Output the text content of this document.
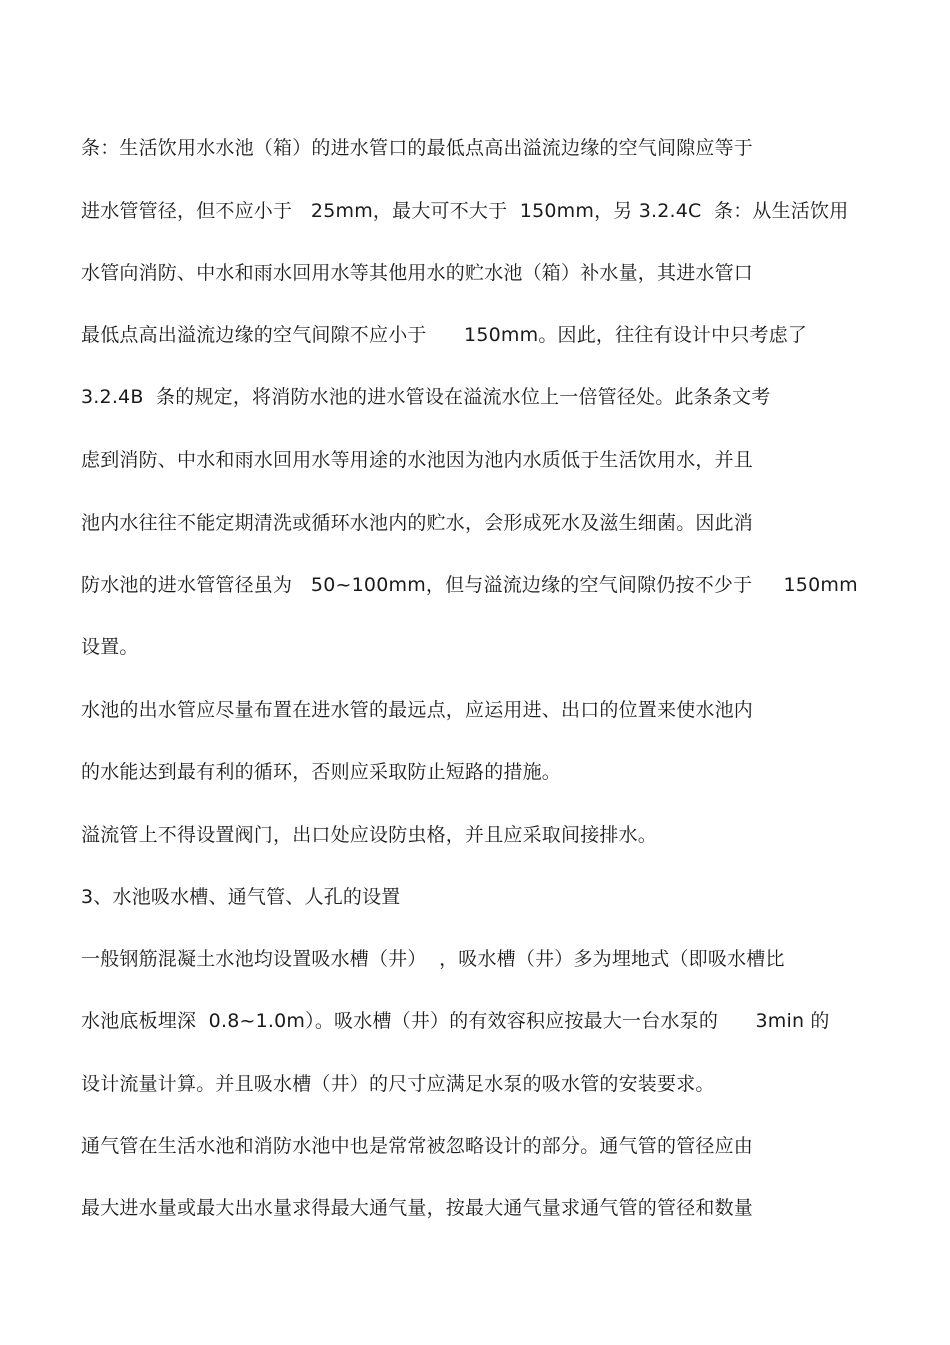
条：生活饮用水水池（箱）的进水管口的最低点高出溢流边缘的空气间隙应等于
进水管管径，但不应小于   25mm，最大可不大于  150mm，另 3.2.4C  条：从生活饮用
水管向消防、中水和雨水回用水等其他用水的贮水池（箱）补水量，其进水管口
最低点高出溢流边缘的空气间隙不应小于      150mm。因此，往往有设计中只考虑了
3.2.4B  条的规定，将消防水池的进水管设在溢流水位上一倍管径处。此条条文考
虑到消防、中水和雨水回用水等用途的水池因为池内水质低于生活饮用水，并且
池内水往往不能定期清洗或循环水池内的贮水，会形成死水及滋生细菌。因此消
防水池的进水管管径虽为   50~100mm，但与溢流边缘的空气间隙仍按不少于     150mm
设置。
水池的出水管应尽量布置在进水管的最远点，应运用进、出口的位置来使水池内
的水能达到最有利的循环，否则应采取防止短路的措施。
溢流管上不得设置阀门，出口处应设防虫格，并且应采取间接排水。
3、水池吸水槽、通气管、人孔的设置
一般钢筋混凝土水池均设置吸水槽（井）  ，吸水槽（井）多为埋地式（即吸水槽比
水池底板埋深  0.8~1.0m）。吸水槽（井）的有效容积应按最大一台水泵的      3min 的
设计流量计算。并且吸水槽（井）的尺寸应满足水泵的吸水管的安装要求。
通气管在生活水池和消防水池中也是常常被忽略设计的部分。通气管的管径应由
最大进水量或最大出水量求得最大通气量，按最大通气量求通气管的管径和数量
